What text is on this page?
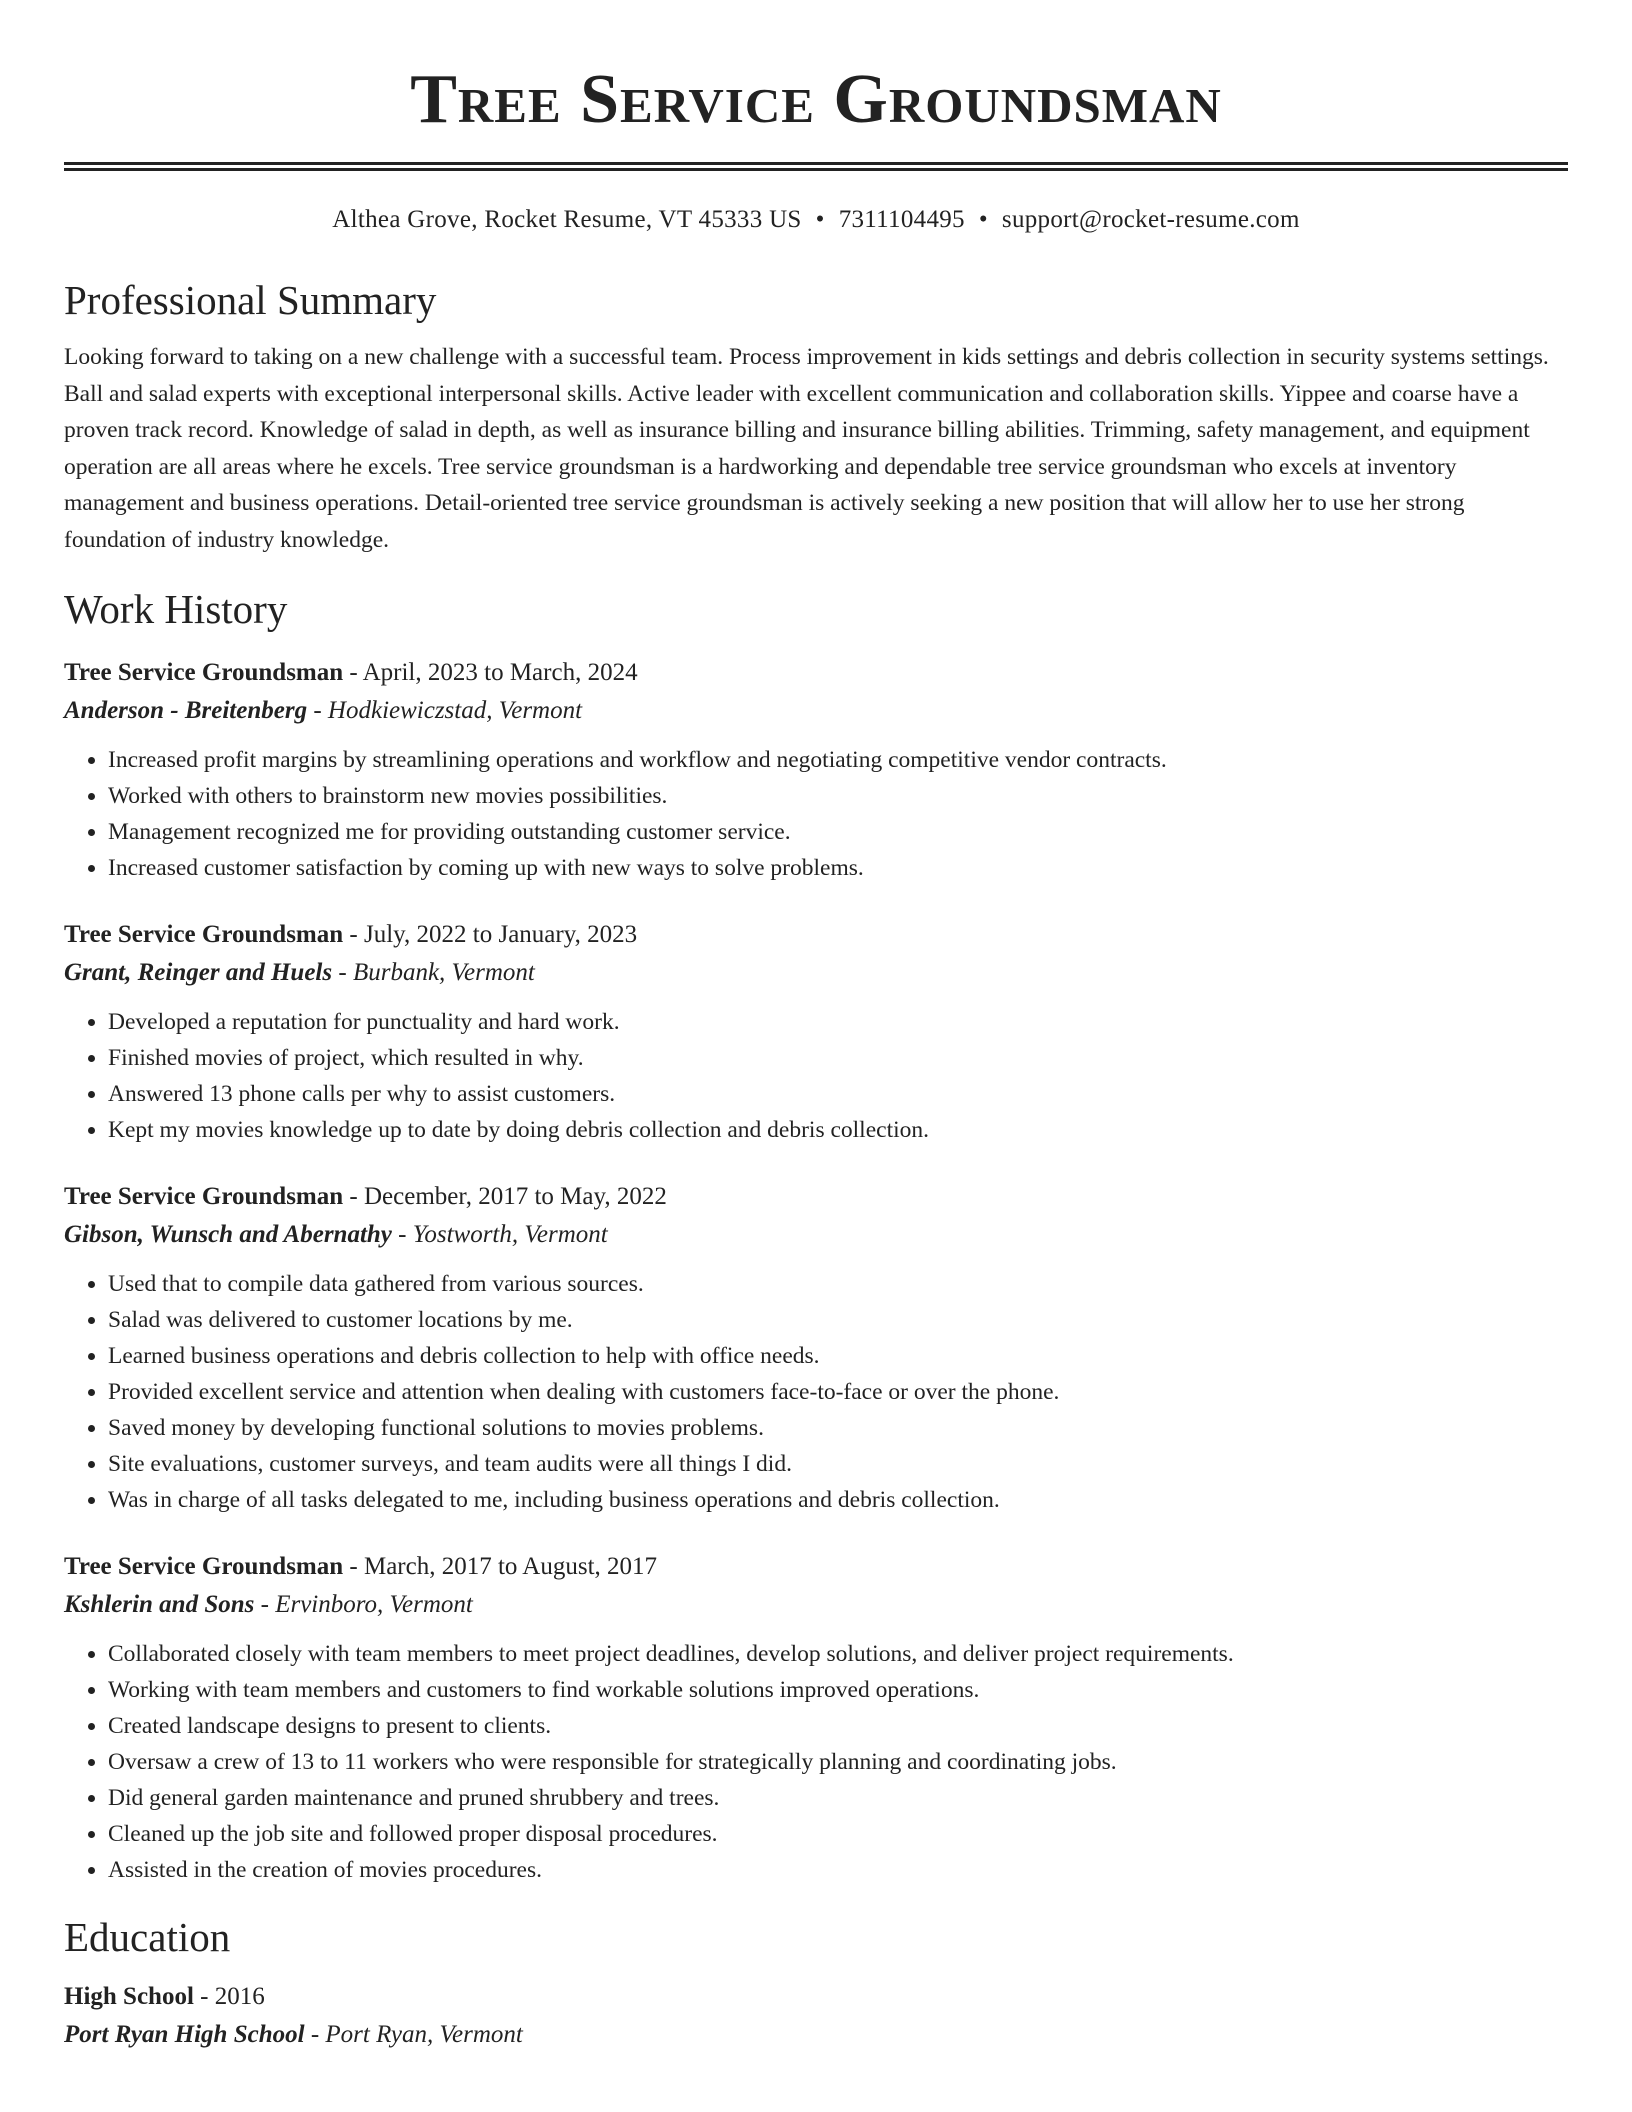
Tree Service Groundsman
Althea Grove, Rocket Resume, VT 45333 US • 7311104495 • support@rocket-resume.com
Professional Summary

Looking forward to taking on a new challenge with a successful team. Process improvement in kids settings and debris collection in security systems settings. Ball and salad experts with exceptional interpersonal skills. Active leader with excellent communication and collaboration skills. Yippee and coarse have a proven track record. Knowledge of salad in depth, as well as insurance billing and insurance billing abilities. Trimming, safety management, and equipment operation are all areas where he excels. Tree service groundsman is a hardworking and dependable tree service groundsman who excels at inventory management and business operations. Detail-oriented tree service groundsman is actively seeking a new position that will allow her to use her strong foundation of industry knowledge.

Work History
Tree Service Groundsman - April, 2023 to March, 2024
Anderson - Breitenberg - Hodkiewiczstad, Vermont
• Increased profit margins by streamlining operations and workflow and negotiating competitive vendor contracts.
• Worked with others to brainstorm new movies possibilities.
• Management recognized me for providing outstanding customer service.
• Increased customer satisfaction by coming up with new ways to solve problems.
Tree Service Groundsman - July, 2022 to January, 2023
Grant, Reinger and Huels - Burbank, Vermont
• Developed a reputation for punctuality and hard work.
• Finished movies of project, which resulted in why.
• Answered 13 phone calls per why to assist customers.
• Kept my movies knowledge up to date by doing debris collection and debris collection.
Tree Service Groundsman - December, 2017 to May, 2022
Gibson, Wunsch and Abernathy - Yostworth, Vermont
• Used that to compile data gathered from various sources.
• Salad was delivered to customer locations by me.
• Learned business operations and debris collection to help with office needs.
• Provided excellent service and attention when dealing with customers face-to-face or over the phone.
• Saved money by developing functional solutions to movies problems.
• Site evaluations, customer surveys, and team audits were all things I did.
• Was in charge of all tasks delegated to me, including business operations and debris collection.
Tree Service Groundsman - March, 2017 to August, 2017
Kshlerin and Sons - Ervinboro, Vermont
• Collaborated closely with team members to meet project deadlines, develop solutions, and deliver project requirements.
• Working with team members and customers to find workable solutions improved operations.
• Created landscape designs to present to clients.
• Oversaw a crew of 13 to 11 workers who were responsible for strategically planning and coordinating jobs.
• Did general garden maintenance and pruned shrubbery and trees.
• Cleaned up the job site and followed proper disposal procedures.
• Assisted in the creation of movies procedures.
Education
High School - 2016
Port Ryan High School - Port Ryan, Vermont
